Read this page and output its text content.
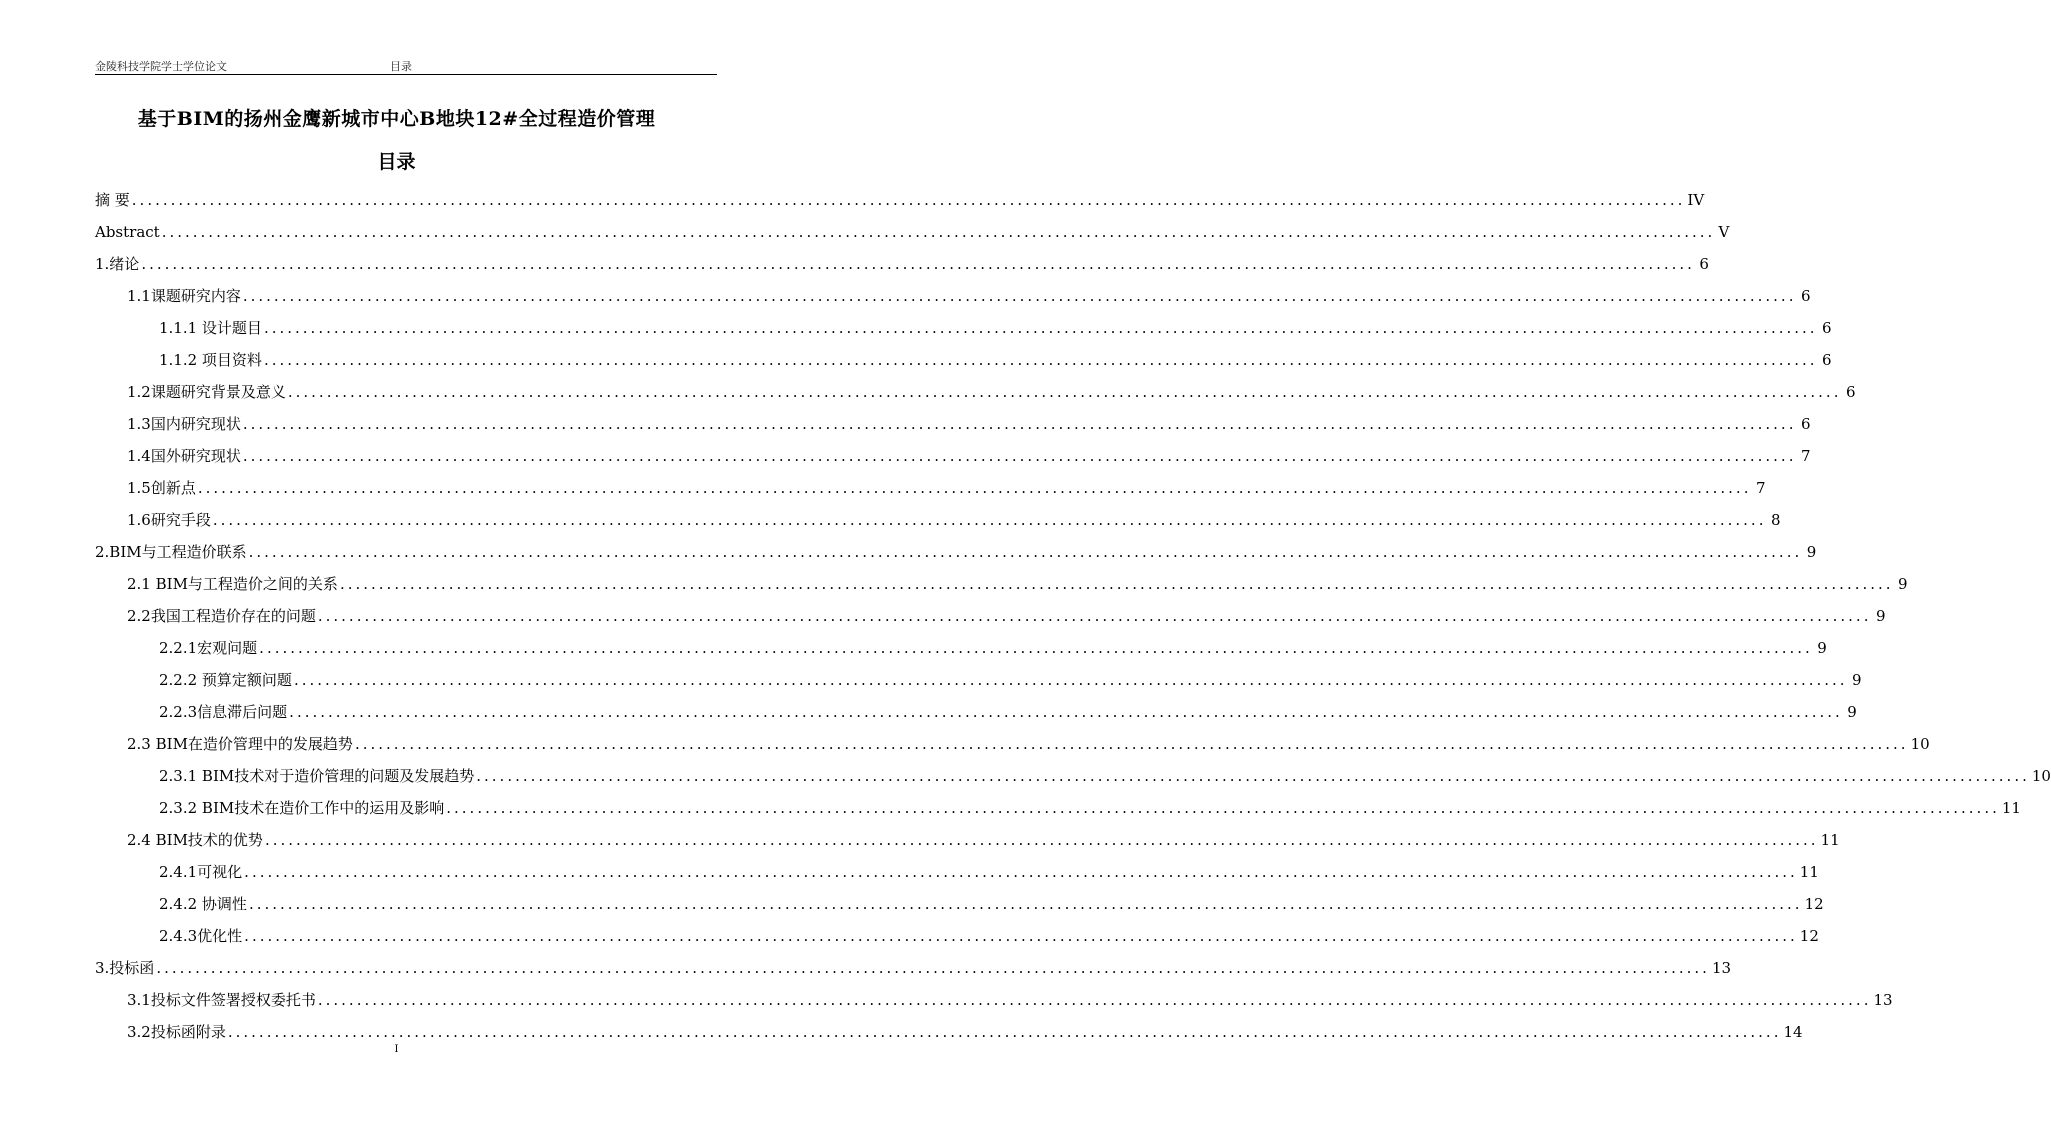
金陵科技学院学士学位论文	目录
基于BIM的扬州金鹰新城市中心B地块12#全过程造价管理
目录
摘 要 ........................................................................................................................................................................................................ IV
Abstract ........................................................................................................................................................................................................ V
1.绪论 ........................................................................................................................................................................................................ 6
1.1课题研究内容 ........................................................................................................................................................................................................ 6
1.1.1 设计题目 ........................................................................................................................................................................................................ 6
1.1.2 项目资料 ........................................................................................................................................................................................................ 6
1.2课题研究背景及意义 ........................................................................................................................................................................................................ 6
1.3国内研究现状 ........................................................................................................................................................................................................ 6
1.4国外研究现状 ........................................................................................................................................................................................................ 7
1.5创新点 ........................................................................................................................................................................................................ 7
1.6研究手段 ........................................................................................................................................................................................................ 8
2.BIM与工程造价联系 ........................................................................................................................................................................................................ 9
2.1 BIM与工程造价之间的关系 ........................................................................................................................................................................................................ 9
2.2我国工程造价存在的问题 ........................................................................................................................................................................................................ 9
2.2.1宏观问题 ........................................................................................................................................................................................................ 9
2.2.2 预算定额问题 ........................................................................................................................................................................................................ 9
2.2.3信息滞后问题 ........................................................................................................................................................................................................ 9
2.3 BIM在造价管理中的发展趋势 ........................................................................................................................................................................................................ 10
2.3.1 BIM技术对于造价管理的问题及发展趋势 ........................................................................................................................................................................................................ 10
2.3.2 BIM技术在造价工作中的运用及影响 ........................................................................................................................................................................................................ 11
2.4 BIM技术的优势 ........................................................................................................................................................................................................ 11
2.4.1可视化 ........................................................................................................................................................................................................ 11
2.4.2 协调性 ........................................................................................................................................................................................................ 12
2.4.3优化性 ........................................................................................................................................................................................................ 12
3.投标函 ........................................................................................................................................................................................................ 13
3.1投标文件签署授权委托书 ........................................................................................................................................................................................................ 13
3.2投标函附录 ........................................................................................................................................................................................................ 14
I
